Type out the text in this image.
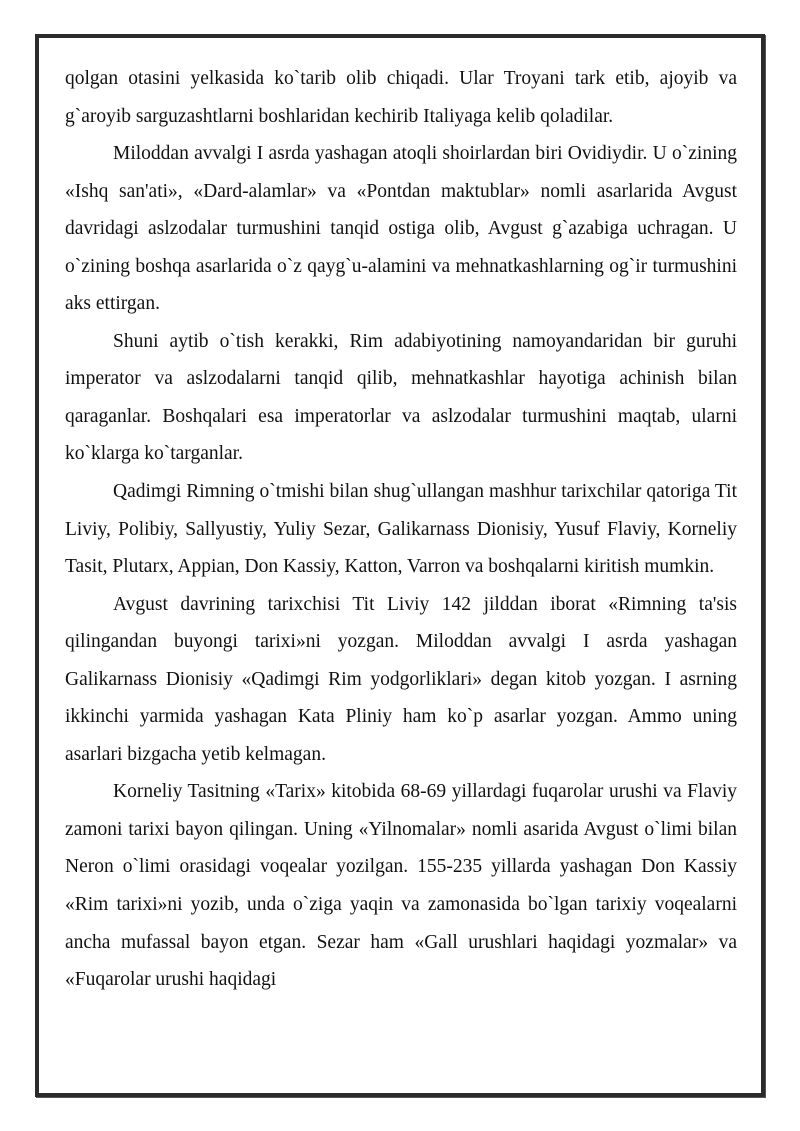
qolgan otasini yelkasida ko`tarib olib chiqadi. Ular Troyani tark etib, ajoyib va g`aroyib sarguzashtlarni boshlaridan kechirib Italiyaga kelib qoladilar.

Miloddan avvalgi I asrda yashagan atoqli shoirlardan biri Ovidiydir. U o`zining «Ishq san'ati», «Dard-alamlar» va «Pontdan maktublar» nomli asarlarida Avgust davridagi aslzodalar turmushini tanqid ostiga olib, Avgust g`azabiga uchragan. U o`zining boshqa asarlarida o`z qayg`u-alamini va mehnatkashlarning og`ir turmushini aks ettirgan.

Shuni aytib o`tish kerakki, Rim adabiyotining namoyandaridan bir guruhi imperator va aslzodalarni tanqid qilib, mehnatkashlar hayotiga achinish bilan qaraganlar. Boshqalari esa imperatorlar va aslzodalar turmushini maqtab, ularni ko`klarga ko`targanlar.

Qadimgi Rimning o`tmishi bilan shug`ullangan mashhur tarixchilar qatoriga Tit Liviy, Polibiy, Sallyustiy, Yuliy Sezar, Galikarnass Dionisiy, Yusuf Flaviy, Korneliy Tasit, Plutarx, Appian, Don Kassiy, Katton, Varron va boshqalarni kiritish mumkin.

Avgust davrining tarixchisi Tit Liviy 142 jilddan iborat «Rimning ta'sis qilingandan buyongi tarixi»ni yozgan. Miloddan avvalgi I asrda yashagan Galikarnass Dionisiy «Qadimgi Rim yodgorliklari» degan kitob yozgan. I asrning ikkinchi yarmida yashagan Kata Pliniy ham ko`p asarlar yozgan. Ammo uning asarlari bizgacha yetib kelmagan.

Korneliy Tasitning «Tarix» kitobida 68-69 yillardagi fuqarolar urushi va Flaviy zamoni tarixi bayon qilingan. Uning «Yilnomalar» nomli asarida Avgust o`limi bilan Neron o`limi orasidagi voqealar yozilgan. 155-235 yillarda yashagan Don Kassiy «Rim tarixi»ni yozib, unda o`ziga yaqin va zamonasida bo`lgan tarixiy voqealarni ancha mufassal bayon etgan. Sezar ham «Gall urushlari haqidagi yozmalar» va «Fuqarolar urushi haqidagi
